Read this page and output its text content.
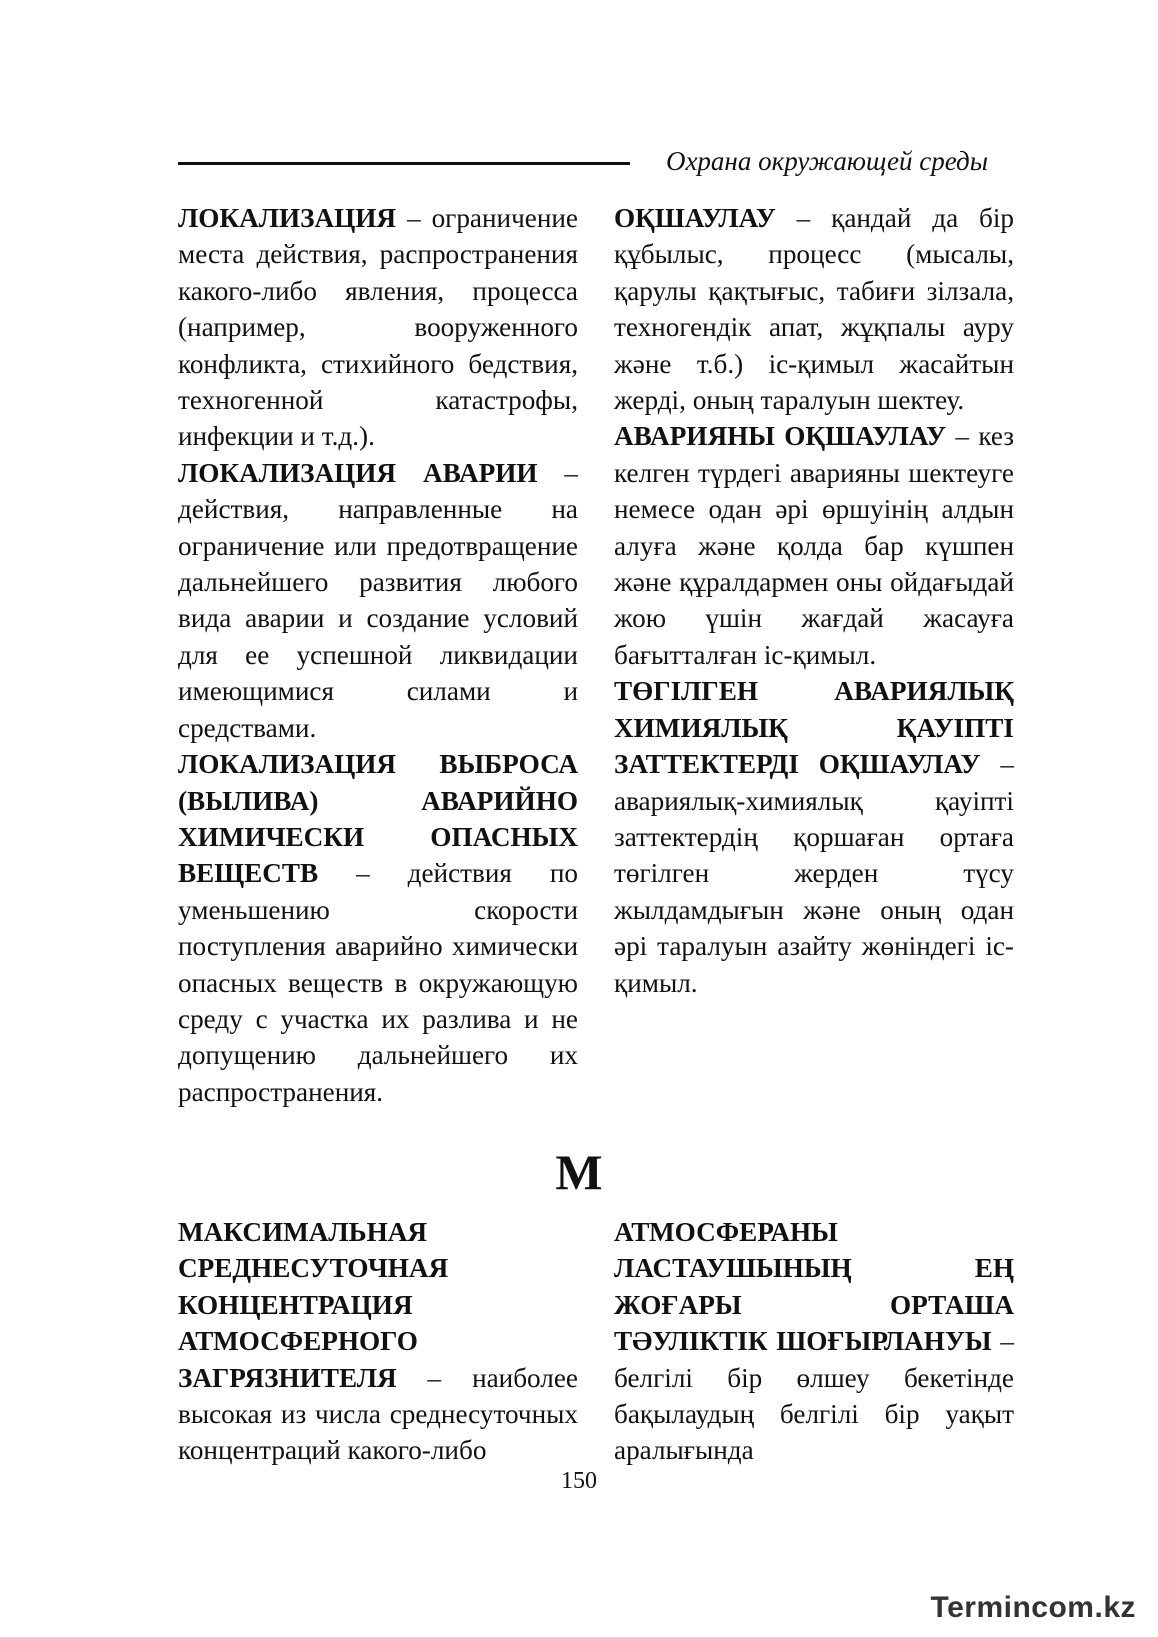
Охрана окружающей среды

ЛОКАЛИЗАЦИЯ – ограничение места действия, распространения какого-либо явления, процесса (например, вооруженного конфликта, стихийного бедствия, техногенной катастрофы, инфекции и т.д.).

ЛОКАЛИЗАЦИЯ АВАРИИ – действия, направленные на ограничение или предотвращение дальнейшего развития любого вида аварии и создание условий для ее успешной ликвидации имеющимися силами и средствами.

ЛОКАЛИЗАЦИЯ ВЫБРОСА (ВЫЛИВА) АВАРИЙНО ХИМИЧЕСКИ ОПАСНЫХ ВЕЩЕСТВ – действия по уменьшению скорости поступления аварийно химически опасных веществ в окружающую среду с участка их разлива и не допущению дальнейшего их распространения.

ОҚШАУЛАУ – қандай да бір құбылыс, процесс (мысалы, қарулы қақтығыс, табиғи зілзала, техногендік апат, жұқпалы ауру және т.б.) іс-қимыл жасайтын жерді, оның таралуын шектеу.

АВАРИЯНЫ ОҚШАУЛАУ – кез келген түрдегі аварияны шектеуге немесе одан әрі өршуінің алдын алуға және қолда бар күшпен және құралдармен оны ойдағыдай жою үшін жағдай жасауға бағытталған іс-қимыл.

ТӨГІЛГЕН АВАРИЯЛЫҚ ХИМИЯЛЫҚ ҚАУІПТІ ЗАТТЕКТЕРДІ ОҚШАУЛАУ – авариялық-химиялық қауіпті заттектердің қоршаған ортаға төгілген жерден түсу жылдамдығын және оның одан әрі таралуын азайту жөніндегі іс-қимыл.

М

МАКСИМАЛЬНАЯ СРЕДНЕСУТОЧНАЯ КОНЦЕНТРАЦИЯ АТМОСФЕРНОГО ЗАГРЯЗНИТЕЛЯ – наиболее высокая из числа среднесуточных концентраций какого-либо

АТМОСФЕРАНЫ ЛАСТАУШЫНЫҢ ЕҢ ЖОҒАРЫ ОРТАША ТӘУЛІКТІК ШОҒЫРЛАНУЫ – белгілі бір өлшеу бекетінде бақылаудың белгілі бір уақыт аралығында

150
Termincom.kz
